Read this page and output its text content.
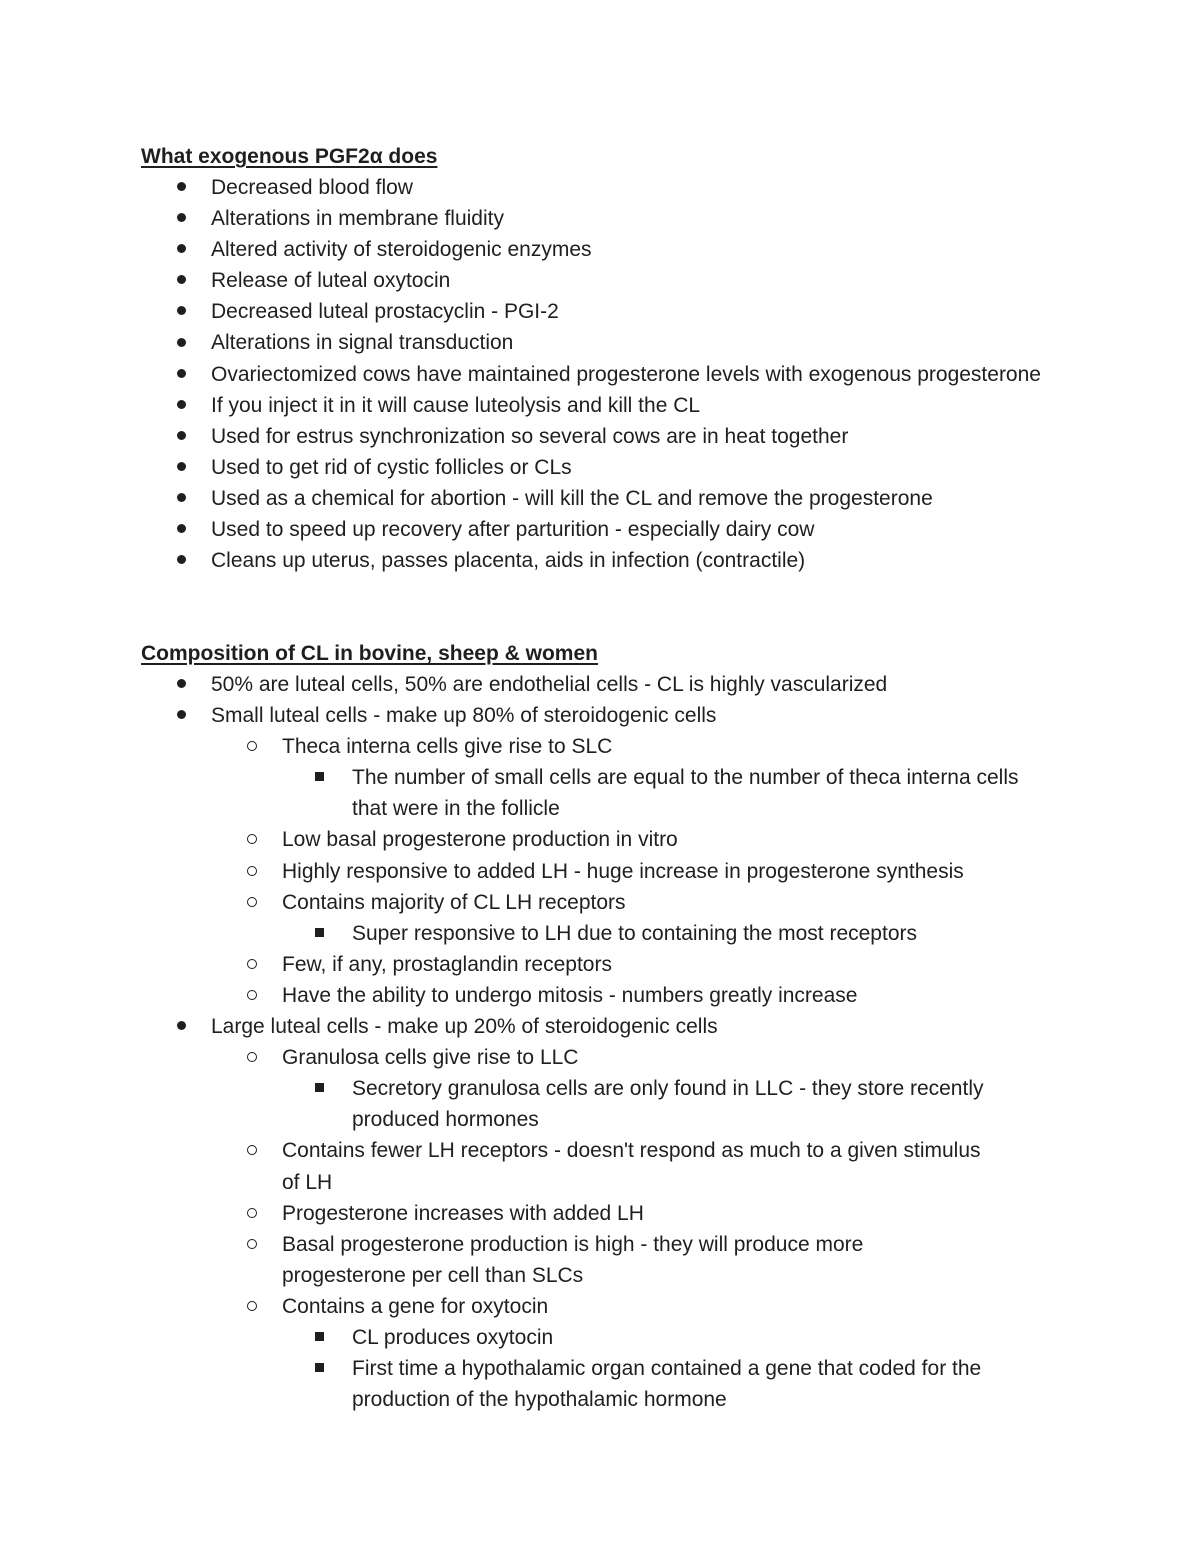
What exogenous PGF2α does
Decreased blood flow
Alterations in membrane fluidity
Altered activity of steroidogenic enzymes
Release of luteal oxytocin
Decreased luteal prostacyclin - PGI-2
Alterations in signal transduction
Ovariectomized cows have maintained progesterone levels with exogenous progesterone
If you inject it in it will cause luteolysis and kill the CL
Used for estrus synchronization so several cows are in heat together
Used to get rid of cystic follicles or CLs
Used as a chemical for abortion - will kill the CL and remove the progesterone
Used to speed up recovery after parturition - especially dairy cow
Cleans up uterus, passes placenta, aids in infection (contractile)
Composition of CL in bovine, sheep & women
50% are luteal cells, 50% are endothelial cells - CL is highly vascularized
Small luteal cells - make up 80% of steroidogenic cells
Theca interna cells give rise to SLC
The number of small cells are equal to the number of theca interna cells that were in the follicle
Low basal progesterone production in vitro
Highly responsive to added LH - huge increase in progesterone synthesis
Contains majority of CL LH receptors
Super responsive to LH due to containing the most receptors
Few, if any, prostaglandin receptors
Have the ability to undergo mitosis - numbers greatly increase
Large luteal cells - make up 20% of steroidogenic cells
Granulosa cells give rise to LLC
Secretory granulosa cells are only found in LLC - they store recently produced hormones
Contains fewer LH receptors - doesn't respond as much to a given stimulus of LH
Progesterone increases with added LH
Basal progesterone production is high - they will produce more progesterone per cell than SLCs
Contains a gene for oxytocin
CL produces oxytocin
First time a hypothalamic organ contained a gene that coded for the production of the hypothalamic hormone
